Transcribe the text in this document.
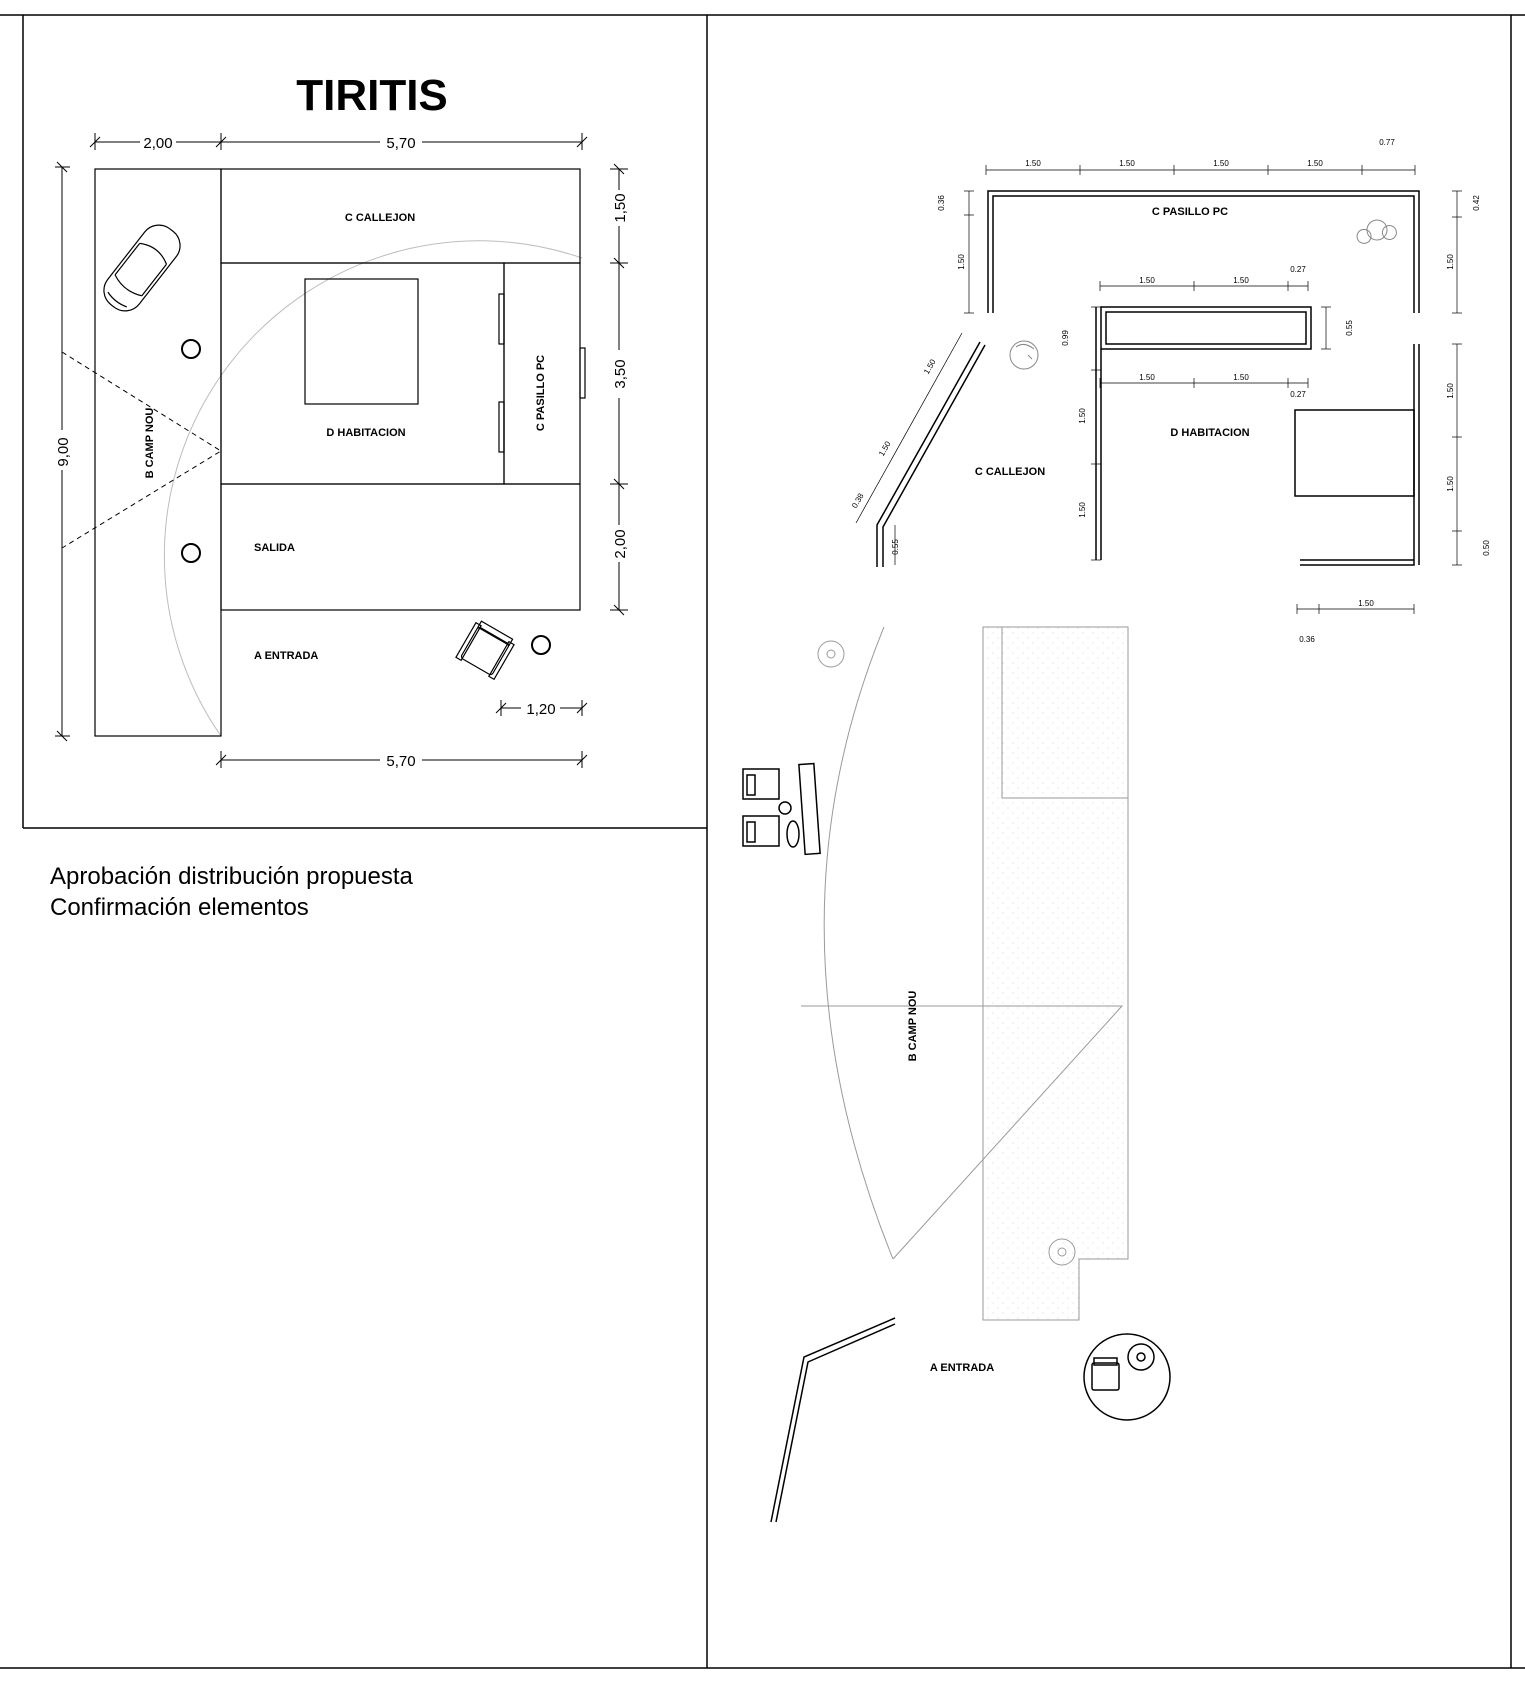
TIRITIS
Aprobación distribución propuesta
Confirmación elementos
C CALLEJON
D HABITACION
C PASILLO PC
B CAMP NOU
SALIDA
A ENTRADA
2,00	5,70
9,00
1,50
3,50
2,00
5,70
1,20
C PASILLO PC
C CALLEJON
D HABITACION
1.50	1.50	1.50	1.50
0.77
0.36
1.50
0.42
1.50
1.50	1.50
0.27
0.99
0.55
1.50	1.50
0.27
1.50
1.50
1.50
1.50
0.38
0.55
1.50
1.50
0.50
1.50
0.36
B CAMP NOU
A ENTRADA
